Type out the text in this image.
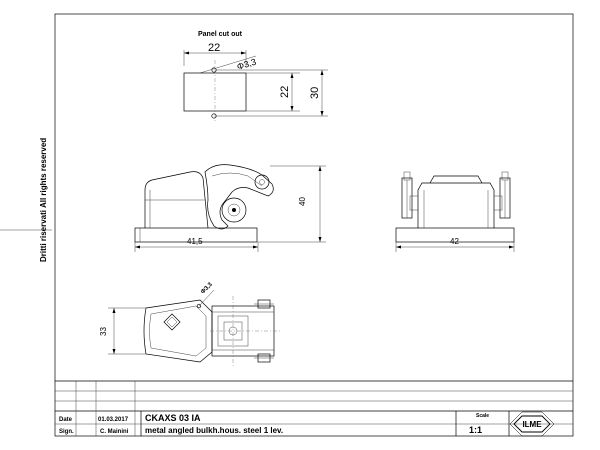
Dritti riservati All rights reserved
Panel cut out
22
Φ3,3
22 30
41,5
40
42
Φ3,3
33
Date	01.03.2017
Sign.	C. Mainini
CKAXS 03 IA
metal angled bulkh.hous. steel 1 lev.
Scale
1:1
ILME
